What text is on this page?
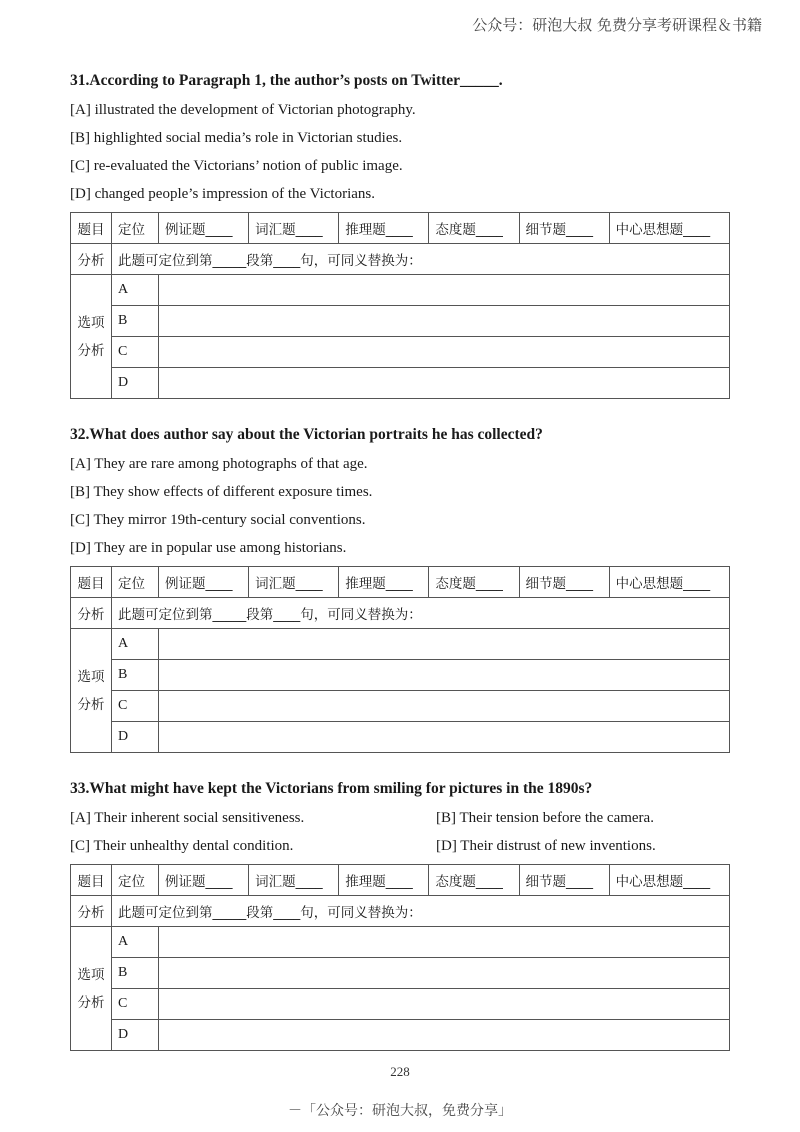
公众号：研泡大叔 免费分享考研课程＆书籍
31.According to Paragraph 1, the author’s posts on Twitter_____.
[A] illustrated the development of Victorian photography.
[B] highlighted social media’s role in Victorian studies.
[C] re-evaluated the Victorians’ notion of public image.
[D] changed people’s impression of the Victorians.
题目	定位	例证题____	词汇题____	推理题____	态度题____	细节题____	中心思想题____
分析	此题可定位到第_____段第____句，可同义替换为：						
选项
分析	A						
	B						
	C						
	D						
32.What does author say about the Victorian portraits he has collected?
[A] They are rare among photographs of that age.
[B] They show effects of different exposure times.
[C] They mirror 19th-century social conventions.
[D] They are in popular use among historians.
题目	定位	例证题____	词汇题____	推理题____	态度题____	细节题____	中心思想题____
分析	此题可定位到第_____段第____句，可同义替换为：						
选项
分析	A						
	B						
	C						
	D						
33.What might have kept the Victorians from smiling for pictures in the 1890s?
[A] Their inherent social sensitiveness.	[B] Their tension before the camera.
[C] Their unhealthy dental condition.	[D] Their distrust of new inventions.
题目	定位	例证题____	词汇题____	推理题____	态度题____	细节题____	中心思想题____
分析	此题可定位到第_____段第____句，可同义替换为：						
选项
分析	A						
	B						
	C						
	D						
228
－「公众号：研泡大叔，免费分享」
